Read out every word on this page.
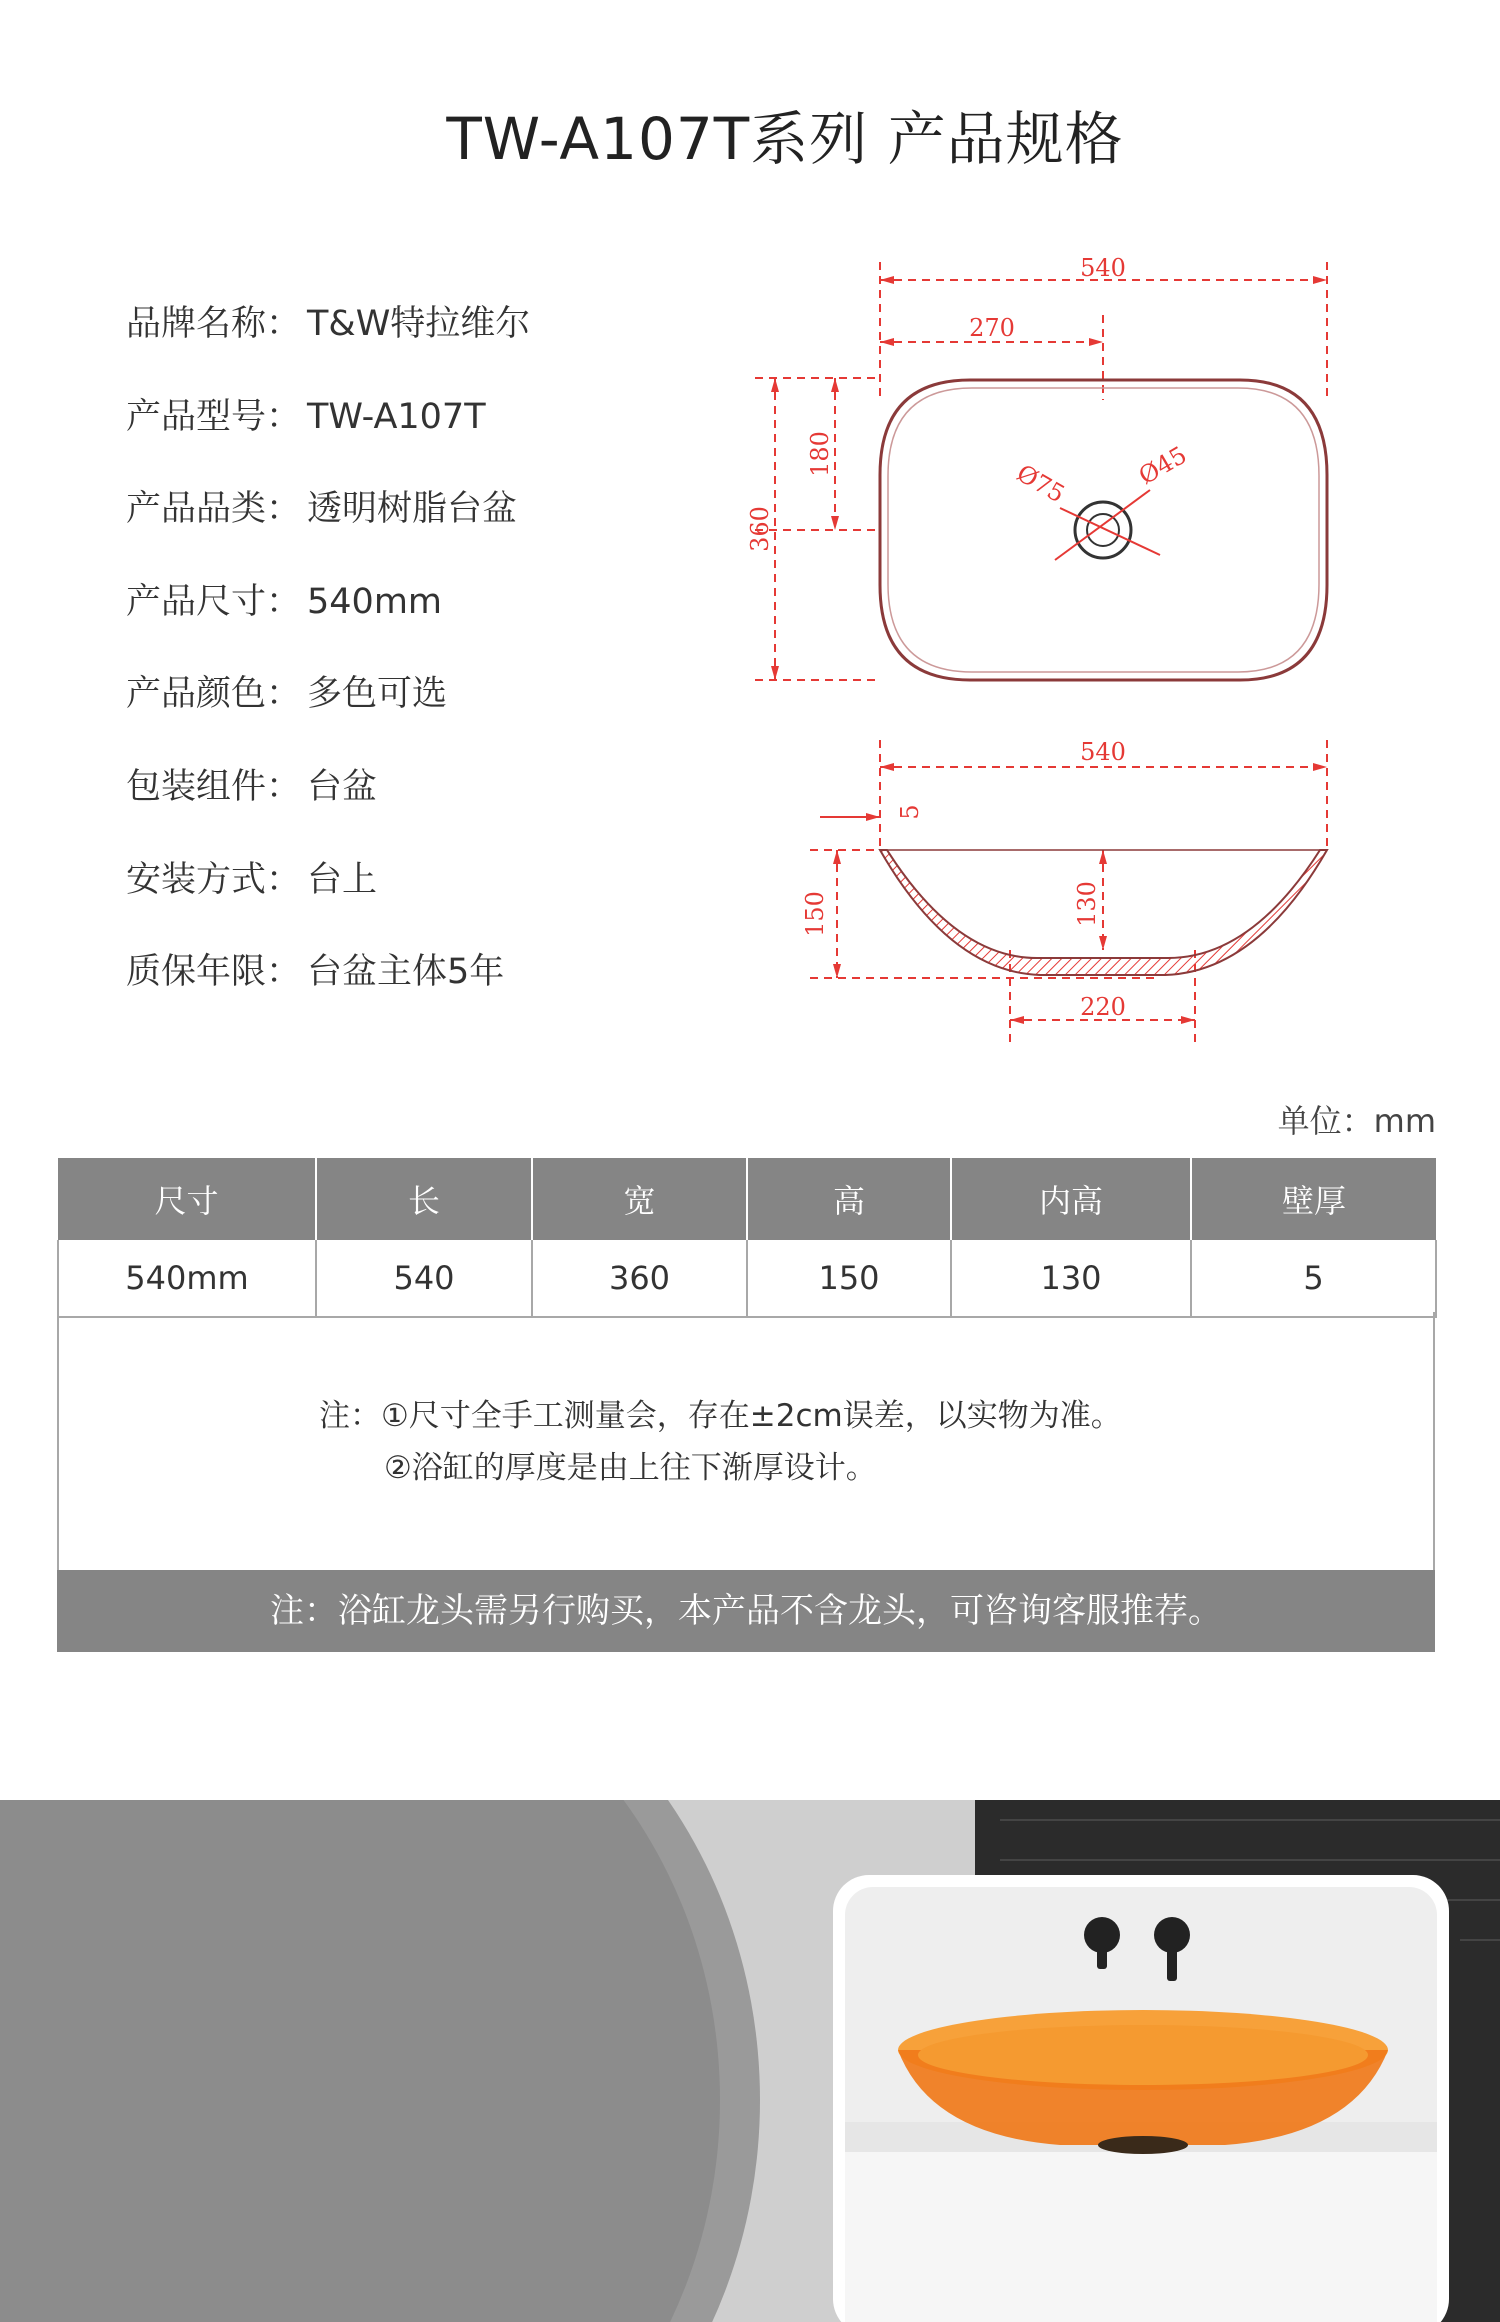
TW-A107T系列 产品规格
品牌名称： T&W特拉维尔
产品型号： TW-A107T
产品品类： 透明树脂台盆
产品尺寸： 540mm
产品颜色： 多色可选
包装组件： 台盆
安装方式： 台上
质保年限： 台盆主体5年
540
270
360
180
Ø75	Ø45
540
5
150	130
220
单位：mm
尺寸	长	宽	高	内高	壁厚
540mm	540	360	150	130	5
注：①尺寸全手工测量会，存在±2cm误差，以实物为准。
②浴缸的厚度是由上往下渐厚设计。
注：浴缸龙头需另行购买，本产品不含龙头，可咨询客服推荐。
